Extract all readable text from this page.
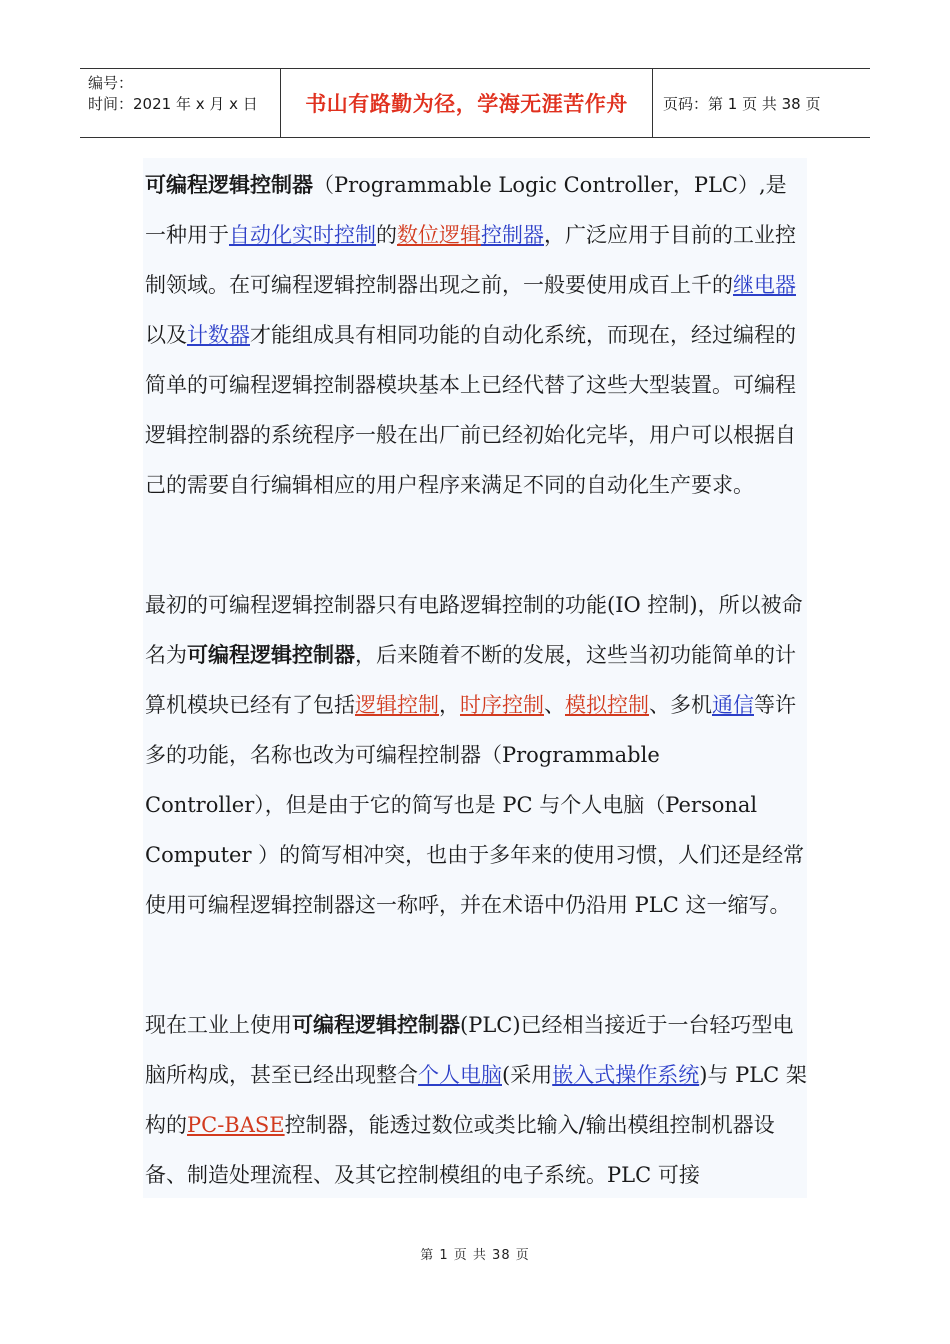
编号：
时间：2021 年 x 月 x 日	书山有路勤为径，学海无涯苦作舟 页码：第 1 页 共 38 页

可编程逻辑控制器（Programmable Logic Controller，PLC）,是一种用于自动化实时控制的数位逻辑控制器，广泛应用于目前的工业控制领域。在可编程逻辑控制器出现之前，一般要使用成百上千的继电器以及计数器才能组成具有相同功能的自动化系统，而现在，经过编程的简单的可编程逻辑控制器模块基本上已经代替了这些大型装置。可编程逻辑控制器的系统程序一般在出厂前已经初始化完毕，用户可以根据自己的需要自行编辑相应的用户程序来满足不同的自动化生产要求。

最初的可编程逻辑控制器只有电路逻辑控制的功能(IO 控制)，所以被命名为可编程逻辑控制器，后来随着不断的发展，这些当初功能简单的计算机模块已经有了包括逻辑控制，时序控制、模拟控制、多机通信等许多的功能，名称也改为可编程控制器（Programmable Controller），但是由于它的简写也是 PC 与个人电脑（Personal Computer ）的简写相冲突，也由于多年来的使用习惯，人们还是经常使用可编程逻辑控制器这一称呼，并在术语中仍沿用 PLC 这一缩写。

现在工业上使用可编程逻辑控制器(PLC)已经相当接近于一台轻巧型电脑所构成，甚至已经出现整合个人电脑(采用嵌入式操作系统)与 PLC 架构的PC-BASE控制器，能透过数位或类比输入/输出模组控制机器设备、制造处理流程、及其它控制模组的电子系统。PLC 可接

第 1 页 共 38 页
